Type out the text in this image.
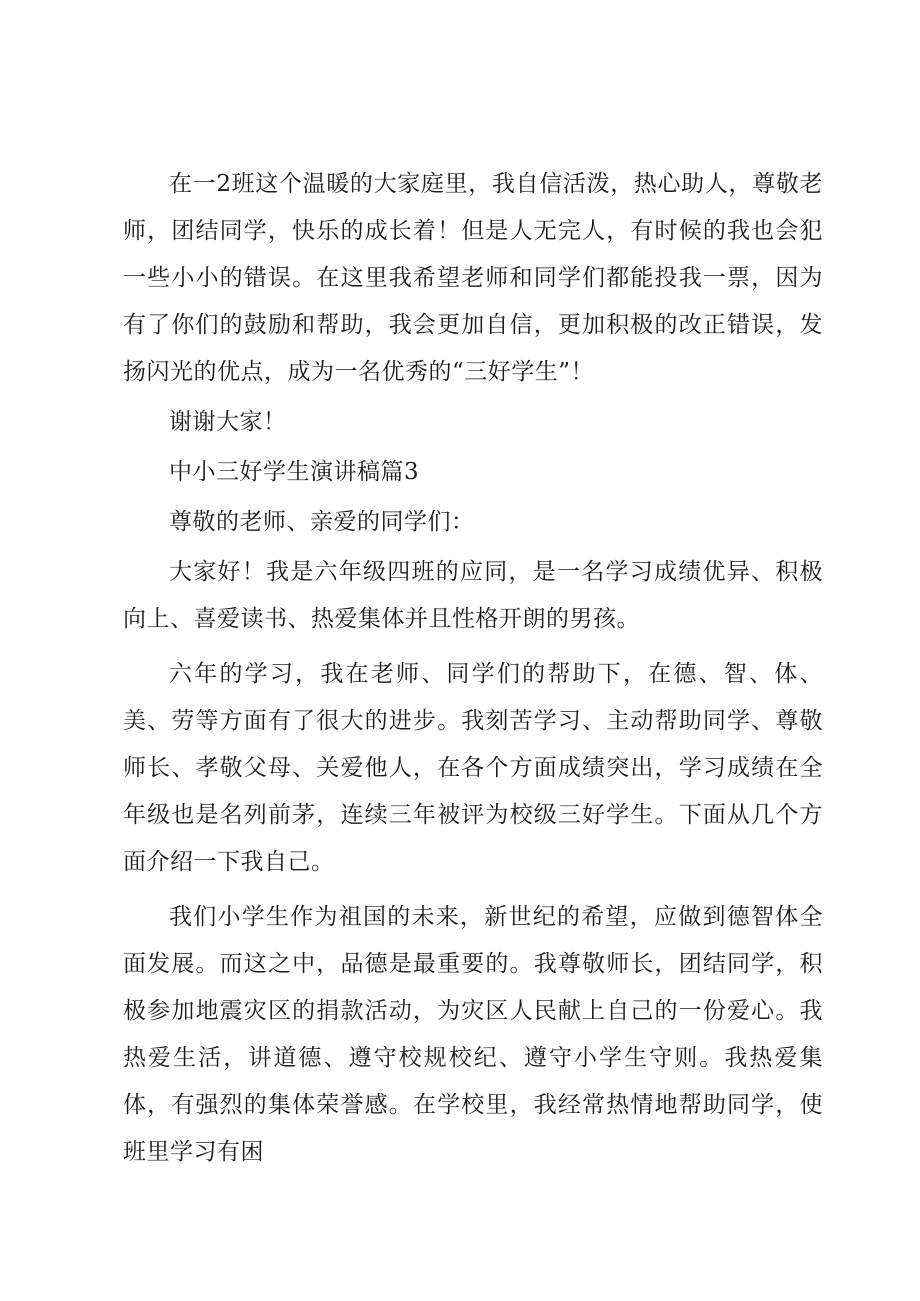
在一2班这个温暖的大家庭里，我自信活泼，热心助人，尊敬老师，团结同学，快乐的成长着！但是人无完人，有时候的我也会犯一些小小的错误。在这里我希望老师和同学们都能投我一票，因为有了你们的鼓励和帮助，我会更加自信，更加积极的改正错误，发扬闪光的优点，成为一名优秀的“三好学生”！

谢谢大家！

中小三好学生演讲稿篇3

尊敬的老师、亲爱的同学们：

大家好！我是六年级四班的应同，是一名学习成绩优异、积极向上、喜爱读书、热爱集体并且性格开朗的男孩。

六年的学习，我在老师、同学们的帮助下，在德、智、体、美、劳等方面有了很大的进步。我刻苦学习、主动帮助同学、尊敬师长、孝敬父母、关爱他人，在各个方面成绩突出，学习成绩在全年级也是名列前茅，连续三年被评为校级三好学生。下面从几个方面介绍一下我自己。

我们小学生作为祖国的未来，新世纪的希望，应做到德智体全面发展。而这之中，品德是最重要的。我尊敬师长，团结同学，积极参加地震灾区的捐款活动，为灾区人民献上自己的一份爱心。我热爱生活，讲道德、遵守校规校纪、遵守小学生守则。我热爱集体，有强烈的集体荣誉感。在学校里，我经常热情地帮助同学，使班里学习有困
